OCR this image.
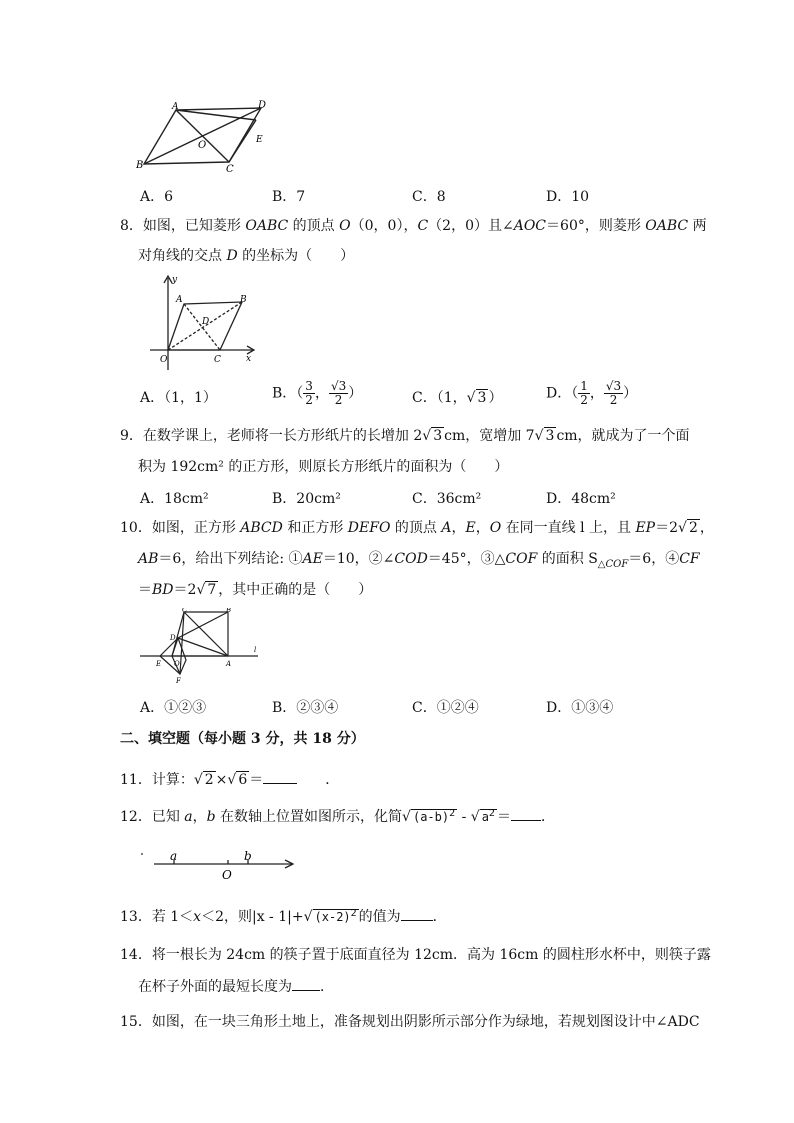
A	D
O	E
B	C
A．6	B．7	C．8	D．10
8．如图，已知菱形 OABC 的顶点 O（0，0），C（2，0）且∠AOC＝60°，则菱形 OABC 两
对角线的交点 D 的坐标为（　　）
y
A	B
D
O	C	x
A．（1，1）	B．（ $\frac{3}{2}$ ， $\frac{√3}{2}$ ）	C．（1，√ 3 ）	D．（ $\frac{1}{2}$ ， $\frac{√3}{2}$ ）
9．在数学课上，老师将一长方形纸片的长增加 2√ 3 cm，宽增加 7√ 3 cm，就成为了一个面
积为 192cm² 的正方形，则原长方形纸片的面积为（　　）
A．18cm²	B．20cm²	C．36cm²	D．48cm²
10．如图，正方形 ABCD 和正方形 DEFO 的顶点 A，E，O 在同一直线 l 上，且 EP＝2√ 2 ，
AB＝6，给出下列结论: ①AE＝10，②∠COD＝45°，③△COF 的面积 $S_{\triangle COF}=6$，④CF
＝BD＝2√ 7 ，其中正确的是（　　）
C	B
D
E O	A
l
F
A．①②③	B．②③④	C．①②④	D．①③④
二、填空题（每小题 3 分，共 18 分）
11．计算：√ 2 ×√ 6 ＝	．
12．已知 a，b 在数轴上位置如图所示，化简√ $(a-b)^2$ - √ $a^2$ ＝ ．
a	b
O
13．若 1＜x＜2，则|x - 1|+√ $(x-2)^2$ 的值为 ．
14．将一根长为 24cm 的筷子置于底面直径为 12cm．高为 16cm 的圆柱形水杯中，则筷子露
在杯子外面的最短长度为 ．
15．如图，在一块三角形土地上，准备规划出阴影所示部分作为绿地，若规划图设计中∠ADC
